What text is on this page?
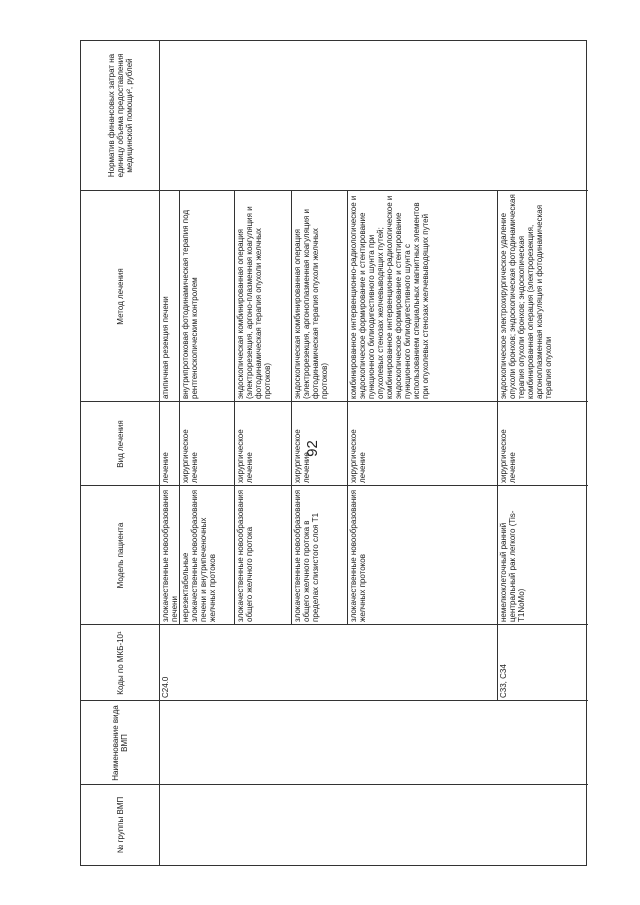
92
№ группы ВМП
Наименование вида ВМП
Коды по МКБ-10¹
Модель пациента
Вид лечения
Метод лечения
Норматив финансовых затрат на единицу объема предоставления медицинской помощи², рублей
С24.0
злокачественные новообразования печени
лечение
атипичная резекция печени
нерезектабельные злокачественные новообразования печени и внутрипеченочных желчных протоков
хирургическое лечение
внутрипротоковая фотодинамическая терапия под рентгеноскопическим контролем
злокачественные новообразования общего желчного протока
хирургическое лечение
эндоскопическая комбинированная операция (электрорезекция, аргоно-плазменная коагуляция и фотодинамическая терапия опухоли желчных протоков)
злокачественные новообразования общего желчного протока в пределах слизистого слоя Т1
хирургическое лечение
эндоскопическая комбинированная операция (электрорезекция, аргоноплазменная коагуляция и фотодинамическая терапия опухоли желчных протоков)
злокачественные новообразования желчных протоков
хирургическое лечение
комбинированное интервенционно-радиологическое и эндоскопическое формирование и стентирование пункционного билиодигестивного шунта при опухолевых стенозах желчевыводящих путей; комбинированное интервенционно-радиологическое и эндоскопическое формирование и стентирование пункционного билиодигестивного шунта с использованием специальных магнитных элементов при опухолевых стенозах желчевыводящих путей
С33, С34
немелкоклеточный ранний центральный рак легкого (Tis-T1NoMo)
хирургическое лечение
эндоскопическое электрохирургическое удаление опухоли бронхов; эндоскопическая фотодинамическая терапия опухоли бронхов; эндоскопическая комбинированная операция (электрорезекция, аргоноплазменная коагуляция и фотодинамическая терапия опухоли
